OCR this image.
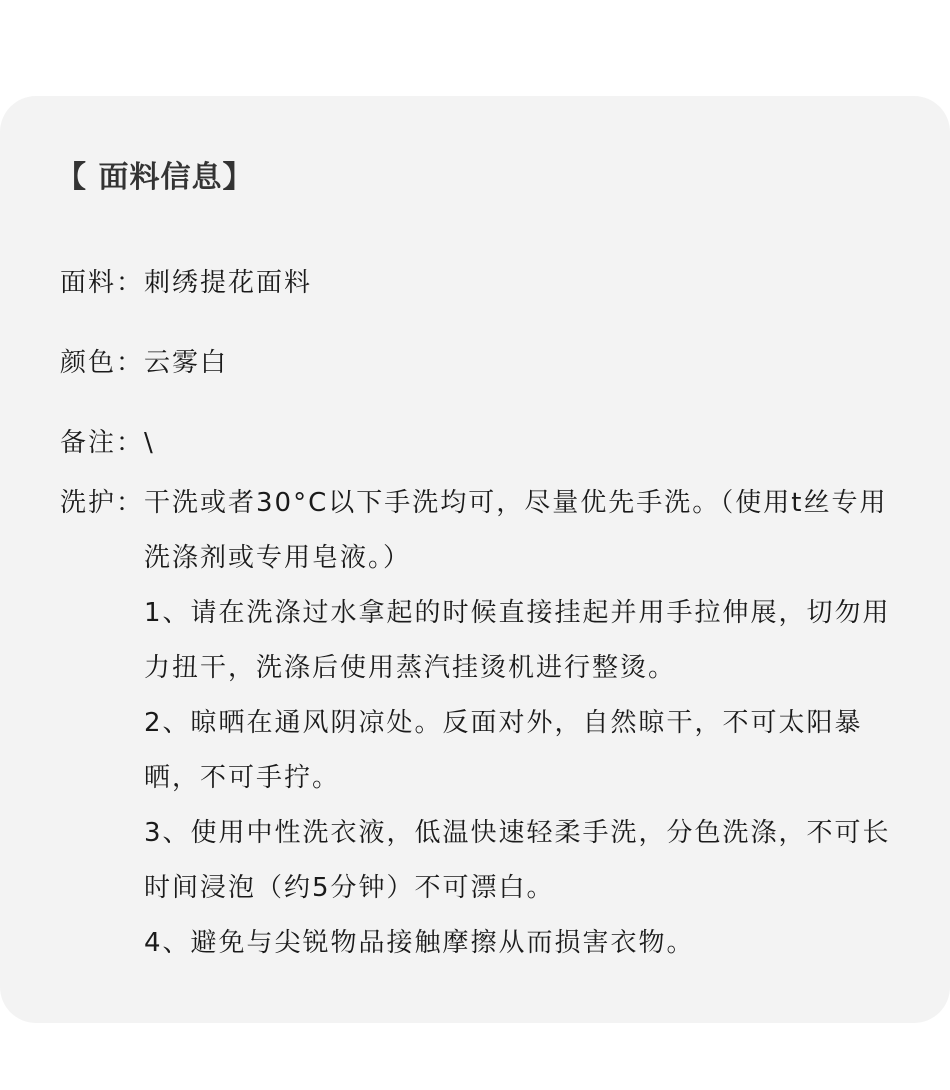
【 面料信息】
面料：刺绣提花面料
颜色：云雾白
备注：\
洗护： 干洗或者30°C以下手洗均可，尽量优先手洗。（使用t丝专用洗涤剂或专用皂液。）

1、请在洗涤过水拿起的时候直接挂起并用手拉伸展，切勿用力扭干，洗涤后使用蒸汽挂烫机进行整烫。
2、晾晒在通风阴凉处。反面对外，自然晾干，不可太阳暴晒，不可手拧。
3、使用中性洗衣液，低温快速轻柔手洗，分色洗涤，不可长时间浸泡（约5分钟）不可漂白。
4、避免与尖锐物品接触摩擦从而损害衣物。
